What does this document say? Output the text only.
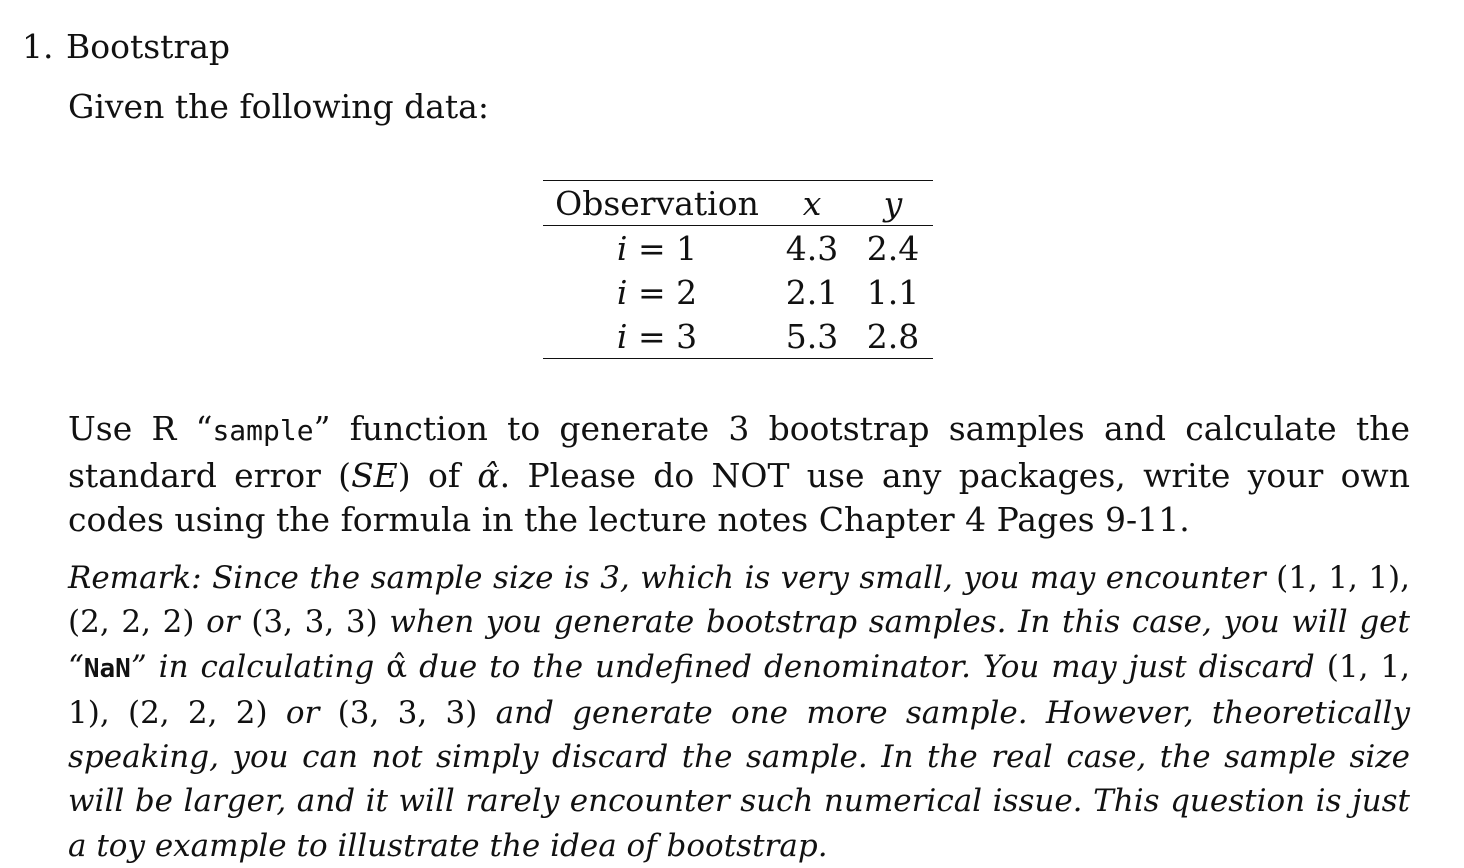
1. Bootstrap
Given the following data:
Observation	x	y
i = 1	4.3	2.4
i = 2	2.1	1.1
i = 3	5.3	2.8
Use R “sample” function to generate 3 bootstrap samples and calculate the standard error (SE) of α̂. Please do NOT use any packages, write your own codes using the formula in the lecture notes Chapter 4 Pages 9-11.
Remark: Since the sample size is 3, which is very small, you may encounter (1, 1, 1), (2, 2, 2) or (3, 3, 3) when you generate bootstrap samples. In this case, you will get “NaN” in calculating α̂ due to the undefined denominator. You may just discard (1, 1, 1), (2, 2, 2) or (3, 3, 3) and generate one more sample. However, theoretically speaking, you can not simply discard the sample. In the real case, the sample size will be larger, and it will rarely encounter such numerical issue. This question is just a toy example to illustrate the idea of bootstrap.
